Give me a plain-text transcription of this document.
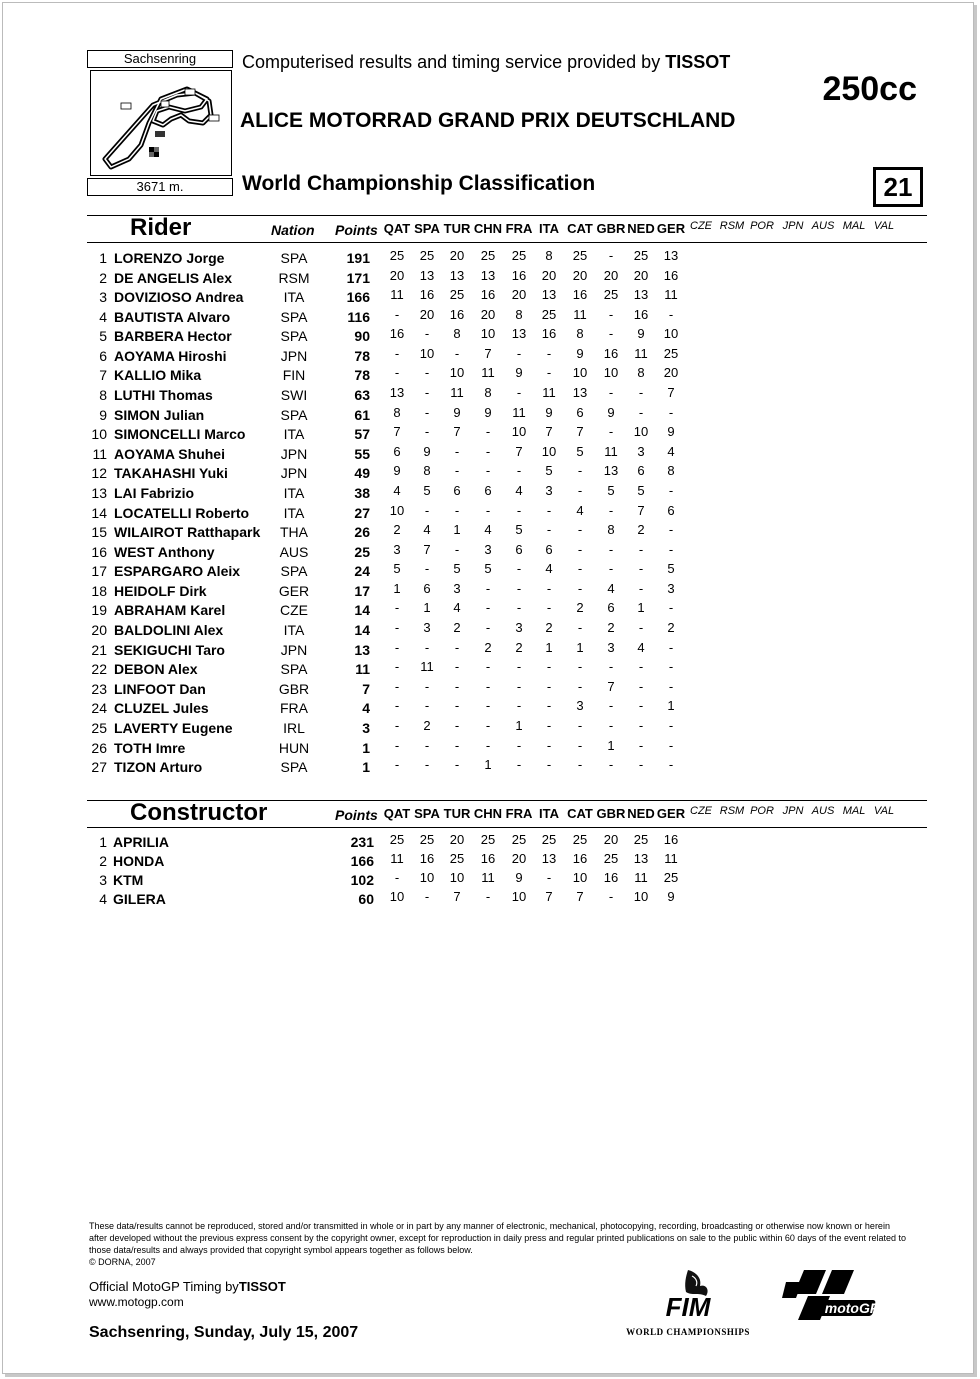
Sachsenring
3671 m.
Computerised results and timing service provided by TISSOT
ALICE MOTORRAD GRAND PRIX DEUTSCHLAND
World Championship Classification
250cc
21
Rider	Nation Points QAT SPA TUR CHN FRA ITA CAT GBR NED GER CZE RSM POR JPN AUS MAL VAL
1 LORENZO Jorge	SPA	191	25	25	20	25	25	8	25	-	25	13
2 DE ANGELIS Alex	RSM	171	20	13	13	13	16	20	20	20	20	16
3 DOVIZIOSO Andrea	ITA	166	11	16	25	16	20	13	16	25	13	11
4 BAUTISTA Alvaro	SPA	116	-	20	16	20	8	25	11	-	16	-
5 BARBERA Hector	SPA	90	16	-	8	10	13	16	8	-	9	10
6 AOYAMA Hiroshi	JPN	78	-	10	-	7	-	-	9	16	11	25
7 KALLIO Mika	FIN	78	-	-	10	11	9	-	10	10	8	20
8 LUTHI Thomas	SWI	63	13	-	11	8	-	11	13	-	-	7
9 SIMON Julian	SPA	61	8	-	9	9	11	9	6	9	-	-
10 SIMONCELLI Marco	ITA	57	7	-	7	-	10	7	7	-	10	9
11 AOYAMA Shuhei	JPN	55	6	9	-	-	7	10	5	11	3	4
12 TAKAHASHI Yuki	JPN	49	9	8	-	-	-	5	-	13	6	8
13 LAI Fabrizio	ITA	38	4	5	6	6	4	3	-	5	5	-
14 LOCATELLI Roberto	ITA	27	10	-	-	-	-	-	4	-	7	6
15 WILAIROT Ratthapark THA	26	2	4	1	4	5	-	-	8	2	-
16 WEST Anthony	AUS	25	3	7	-	3	6	6	-	-	-	-
17 ESPARGARO Aleix	SPA	24	5	-	5	5	-	4	-	-	-	5
18 HEIDOLF Dirk	GER	17	1	6	3	-	-	-	-	4	-	3
19 ABRAHAM Karel	CZE	14	-	1	4	-	-	-	2	6	1	-
20 BALDOLINI Alex	ITA	14	-	3	2	-	3	2	-	2	-	2
21 SEKIGUCHI Taro	JPN	13	-	-	-	2	2	1	1	3	4	-
22 DEBON Alex	SPA	11	-	11	-	-	-	-	-	-	-	-
23 LINFOOT Dan	GBR	7	-	-	-	-	-	-	-	7	-	-
24 CLUZEL Jules	FRA	4	-	-	-	-	-	-	3	-	-	1
25 LAVERTY Eugene	IRL	3	-	2	-	-	1	-	-	-	-	-
26 TOTH Imre	HUN	1	-	-	-	-	-	-	-	1	-	-
27 TIZON Arturo	SPA	1	-	-	-	1	-	-	-	-	-	-
Constructor	Points QAT SPA TUR CHN FRA ITA CAT GBR NED GER CZE RSM POR JPN AUS MAL VAL
1 APRILIA	231	25	25	20	25	25	25	25	20	25	16
2 HONDA	166	11	16	25	16	20	13	16	25	13	11
3 KTM	102	-	10	10	11	9	-	10	16	11	25
4 GILERA	60	10	-	7	-	10	7	7	-	10	9
These data/results cannot be reproduced, stored and/or transmitted in whole or in part by any manner of electronic, mechanical, photocopying, recording, broadcasting or otherwise now known or herein after developed without the previous express consent by the copyright owner, except for reproduction in daily press and regular printed publications on sale to the public within 60 days of the event related to those data/results and always provided that copyright symbol appears together as follows below.
© DORNA, 2007
Official MotoGP Timing byTISSOT
www.motogp.com
Sachsenring, Sunday, July 15, 2007
FIM
WORLD CHAMPIONSHIPS
motoGP
